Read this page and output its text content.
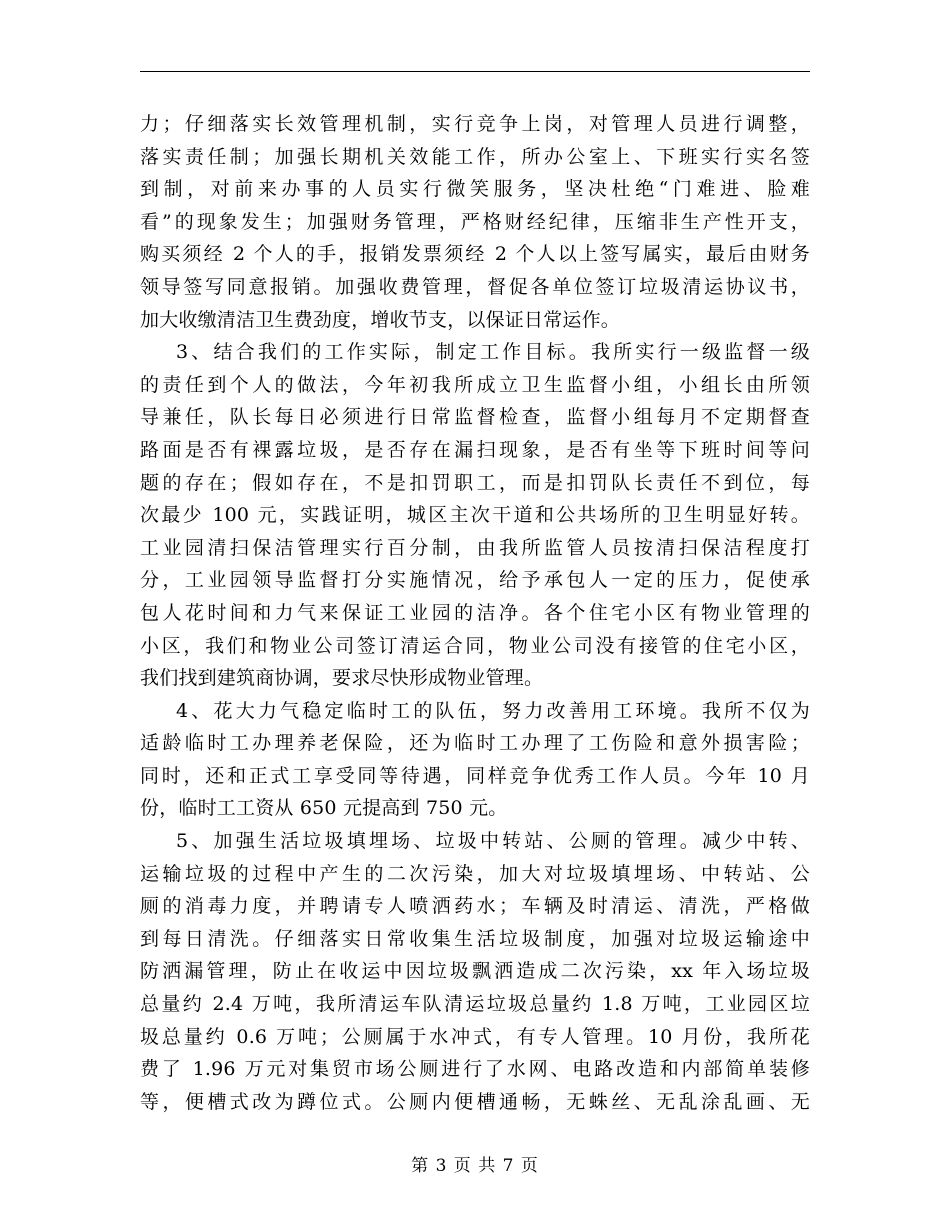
力；仔细落实长效管理机制，实行竞争上岗，对管理人员进行调整，
落实责任制；加强长期机关效能工作，所办公室上、下班实行实名签
到制，对前来办事的人员实行微笑服务，坚决杜绝“门难进、脸难
看”的现象发生；加强财务管理，严格财经纪律，压缩非生产性开支，
购买须经 2 个人的手，报销发票须经 2 个人以上签写属实，最后由财务
领导签写同意报销。加强收费管理，督促各单位签订垃圾清运协议书，
加大收缴清洁卫生费劲度，增收节支，以保证日常运作。
3、结合我们的工作实际，制定工作目标。我所实行一级监督一级
的责任到个人的做法，今年初我所成立卫生监督小组，小组长由所领
导兼任，队长每日必须进行日常监督检查，监督小组每月不定期督查
路面是否有裸露垃圾，是否存在漏扫现象，是否有坐等下班时间等问
题的存在；假如存在，不是扣罚职工，而是扣罚队长责任不到位，每
次最少 100 元，实践证明，城区主次干道和公共场所的卫生明显好转。
工业园清扫保洁管理实行百分制，由我所监管人员按清扫保洁程度打
分，工业园领导监督打分实施情况，给予承包人一定的压力，促使承
包人花时间和力气来保证工业园的洁净。各个住宅小区有物业管理的
小区，我们和物业公司签订清运合同，物业公司没有接管的住宅小区，
我们找到建筑商协调，要求尽快形成物业管理。
4、花大力气稳定临时工的队伍，努力改善用工环境。我所不仅为
适龄临时工办理养老保险，还为临时工办理了工伤险和意外损害险；
同时，还和正式工享受同等待遇，同样竞争优秀工作人员。今年 10 月
份，临时工工资从 650 元提高到 750 元。
5、加强生活垃圾填埋场、垃圾中转站、公厕的管理。减少中转、
运输垃圾的过程中产生的二次污染，加大对垃圾填埋场、中转站、公
厕的消毒力度，并聘请专人喷洒药水；车辆及时清运、清洗，严格做
到每日清洗。仔细落实日常收集生活垃圾制度，加强对垃圾运输途中
防洒漏管理，防止在收运中因垃圾飘洒造成二次污染，xx 年入场垃圾
总量约 2.4 万吨，我所清运车队清运垃圾总量约 1.8 万吨，工业园区垃
圾总量约 0.6 万吨；公厕属于水冲式，有专人管理。10 月份，我所花
费了 1.96 万元对集贸市场公厕进行了水网、电路改造和内部简单装修
等，便槽式改为蹲位式。公厕内便槽通畅，无蛛丝、无乱涂乱画、无
第 3 页 共 7 页
